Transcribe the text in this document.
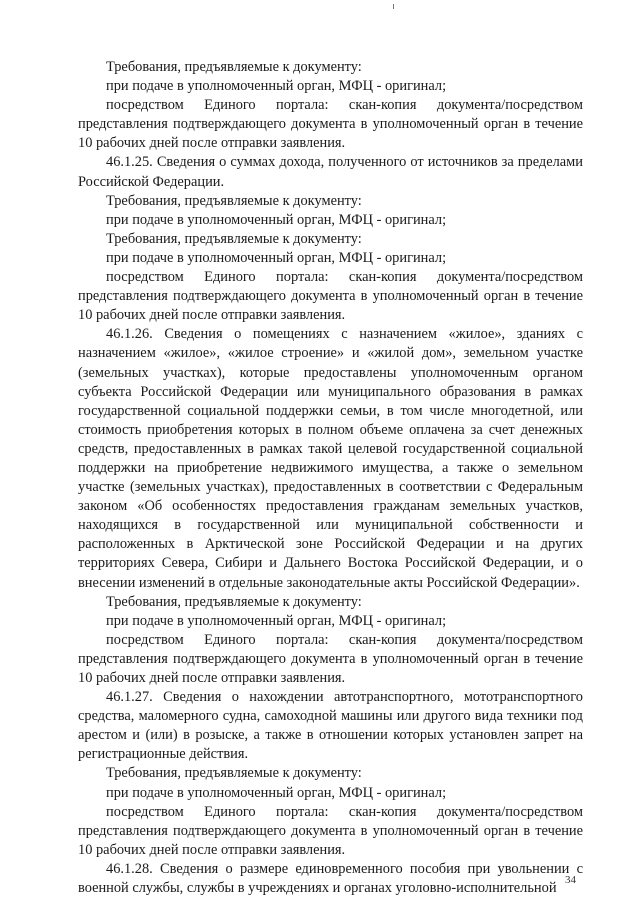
Требования, предъявляемые к документу:

при подаче в уполномоченный орган, МФЦ - оригинал;

посредством Единого портала: скан-копия документа/посредством представления подтверждающего документа в уполномоченный орган в течение 10 рабочих дней после отправки заявления.

46.1.25. Сведения о суммах дохода, полученного от источников за пределами Российской Федерации.

Требования, предъявляемые к документу:

при подаче в уполномоченный орган, МФЦ - оригинал;

Требования, предъявляемые к документу:

при подаче в уполномоченный орган, МФЦ - оригинал;

посредством Единого портала: скан-копия документа/посредством представления подтверждающего документа в уполномоченный орган в течение 10 рабочих дней после отправки заявления.

46.1.26. Сведения о помещениях с назначением «жилое», зданиях с назначением «жилое», «жилое строение» и «жилой дом», земельном участке (земельных участках), которые предоставлены уполномоченным органом субъекта Российской Федерации или муниципального образования в рамках государственной социальной поддержки семьи, в том числе многодетной, или стоимость приобретения которых в полном объеме оплачена за счет денежных средств, предоставленных в рамках такой целевой государственной социальной поддержки на приобретение недвижимого имущества, а также о земельном участке (земельных участках), предоставленных в соответствии с Федеральным законом «Об особенностях предоставления гражданам земельных участков, находящихся в государственной или муниципальной собственности и расположенных в Арктической зоне Российской Федерации и на других территориях Севера, Сибири и Дальнего Востока Российской Федерации, и о внесении изменений в отдельные законодательные акты Российской Федерации».

Требования, предъявляемые к документу:

при подаче в уполномоченный орган, МФЦ - оригинал;

посредством Единого портала: скан-копия документа/посредством представления подтверждающего документа в уполномоченный орган в течение 10 рабочих дней после отправки заявления.

46.1.27. Сведения о нахождении автотранспортного, мототранспортного средства, маломерного судна, самоходной машины или другого вида техники под арестом и (или) в розыске, а также в отношении которых установлен запрет на регистрационные действия.

Требования, предъявляемые к документу:

при подаче в уполномоченный орган, МФЦ - оригинал;

посредством Единого портала: скан-копия документа/посредством представления подтверждающего документа в уполномоченный орган в течение 10 рабочих дней после отправки заявления.

46.1.28. Сведения о размере единовременного пособия при увольнении с военной службы, службы в учреждениях и органах уголовно-исполнительной

34
